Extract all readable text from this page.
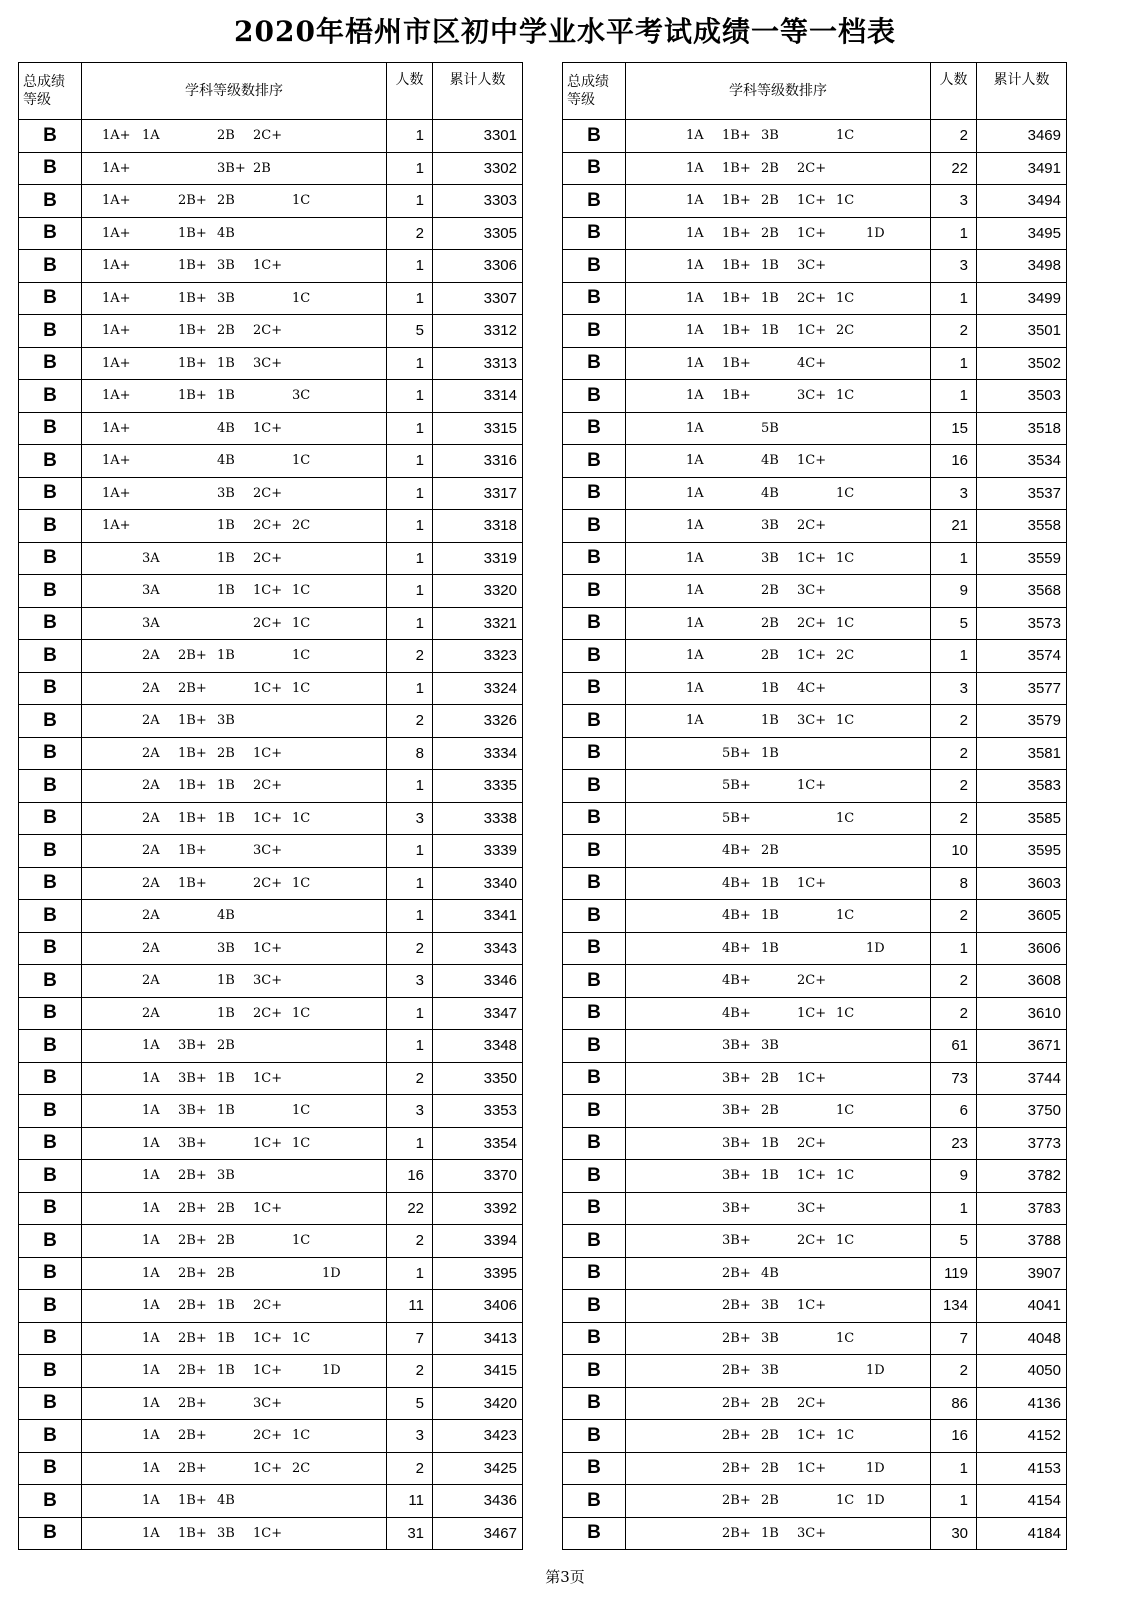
2020年梧州市区初中学业水平考试成绩一等一档表
总成绩
等级	学科等级数排序	人数	累计人数
B	1A+ 1A 2B 2C+	1	3301
B	1A+ 3B+ 2B	1	3302
B	1A+ 2B+ 2B 1C	1	3303
B	1A+ 1B+ 4B	2	3305
B	1A+ 1B+ 3B 1C+	1	3306
B	1A+ 1B+ 3B 1C	1	3307
B	1A+ 1B+ 2B 2C+	5	3312
B	1A+ 1B+ 1B 3C+	1	3313
B	1A+ 1B+ 1B 3C	1	3314
B	1A+ 4B 1C+	1	3315
B	1A+ 4B 1C	1	3316
B	1A+ 3B 2C+	1	3317
B	1A+ 1B 2C+ 2C	1	3318
B	3A 1B 2C+	1	3319
B	3A 1B 1C+ 1C	1	3320
B	3A 2C+ 1C	1	3321
B	2A 2B+ 1B 1C	2	3323
B	2A 2B+ 1C+ 1C	1	3324
B	2A 1B+ 3B	2	3326
B	2A 1B+ 2B 1C+	8	3334
B	2A 1B+ 1B 2C+	1	3335
B	2A 1B+ 1B 1C+ 1C	3	3338
B	2A 1B+ 3C+	1	3339
B	2A 1B+ 2C+ 1C	1	3340
B	2A 4B	1	3341
B	2A 3B 1C+	2	3343
B	2A 1B 3C+	3	3346
B	2A 1B 2C+ 1C	1	3347
B	1A 3B+ 2B	1	3348
B	1A 3B+ 1B 1C+	2	3350
B	1A 3B+ 1B 1C	3	3353
B	1A 3B+ 1C+ 1C	1	3354
B	1A 2B+ 3B	16	3370
B	1A 2B+ 2B 1C+	22	3392
B	1A 2B+ 2B 1C	2	3394
B	1A 2B+ 2B 1D	1	3395
B	1A 2B+ 1B 2C+	11	3406
B	1A 2B+ 1B 1C+ 1C	7	3413
B	1A 2B+ 1B 1C+ 1D	2	3415
B	1A 2B+ 3C+	5	3420
B	1A 2B+ 2C+ 1C	3	3423
B	1A 2B+ 1C+ 2C	2	3425
B	1A 1B+ 4B	11	3436
B	1A 1B+ 3B 1C+	31	3467
总成绩
等级	学科等级数排序	人数	累计人数
B	1A 1B+ 3B 1C	2	3469
B	1A 1B+ 2B 2C+	22	3491
B	1A 1B+ 2B 1C+ 1C	3	3494
B	1A 1B+ 2B 1C+ 1D	1	3495
B	1A 1B+ 1B 3C+	3	3498
B	1A 1B+ 1B 2C+ 1C	1	3499
B	1A 1B+ 1B 1C+ 2C	2	3501
B	1A 1B+ 4C+	1	3502
B	1A 1B+ 3C+ 1C	1	3503
B	1A 5B	15	3518
B	1A 4B 1C+	16	3534
B	1A 4B 1C	3	3537
B	1A 3B 2C+	21	3558
B	1A 3B 1C+ 1C	1	3559
B	1A 2B 3C+	9	3568
B	1A 2B 2C+ 1C	5	3573
B	1A 2B 1C+ 2C	1	3574
B	1A 1B 4C+	3	3577
B	1A 1B 3C+ 1C	2	3579
B	5B+ 1B	2	3581
B	5B+ 1C+	2	3583
B	5B+ 1C	2	3585
B	4B+ 2B	10	3595
B	4B+ 1B 1C+	8	3603
B	4B+ 1B 1C	2	3605
B	4B+ 1B 1D	1	3606
B	4B+ 2C+	2	3608
B	4B+ 1C+ 1C	2	3610
B	3B+ 3B	61	3671
B	3B+ 2B 1C+	73	3744
B	3B+ 2B 1C	6	3750
B	3B+ 1B 2C+	23	3773
B	3B+ 1B 1C+ 1C	9	3782
B	3B+ 3C+	1	3783
B	3B+ 2C+ 1C	5	3788
B	2B+ 4B	119	3907
B	2B+ 3B 1C+	134	4041
B	2B+ 3B 1C	7	4048
B	2B+ 3B 1D	2	4050
B	2B+ 2B 2C+	86	4136
B	2B+ 2B 1C+ 1C	16	4152
B	2B+ 2B 1C+ 1D	1	4153
B	2B+ 2B 1C 1D	1	4154
B	2B+ 1B 3C+	30	4184
第3页
